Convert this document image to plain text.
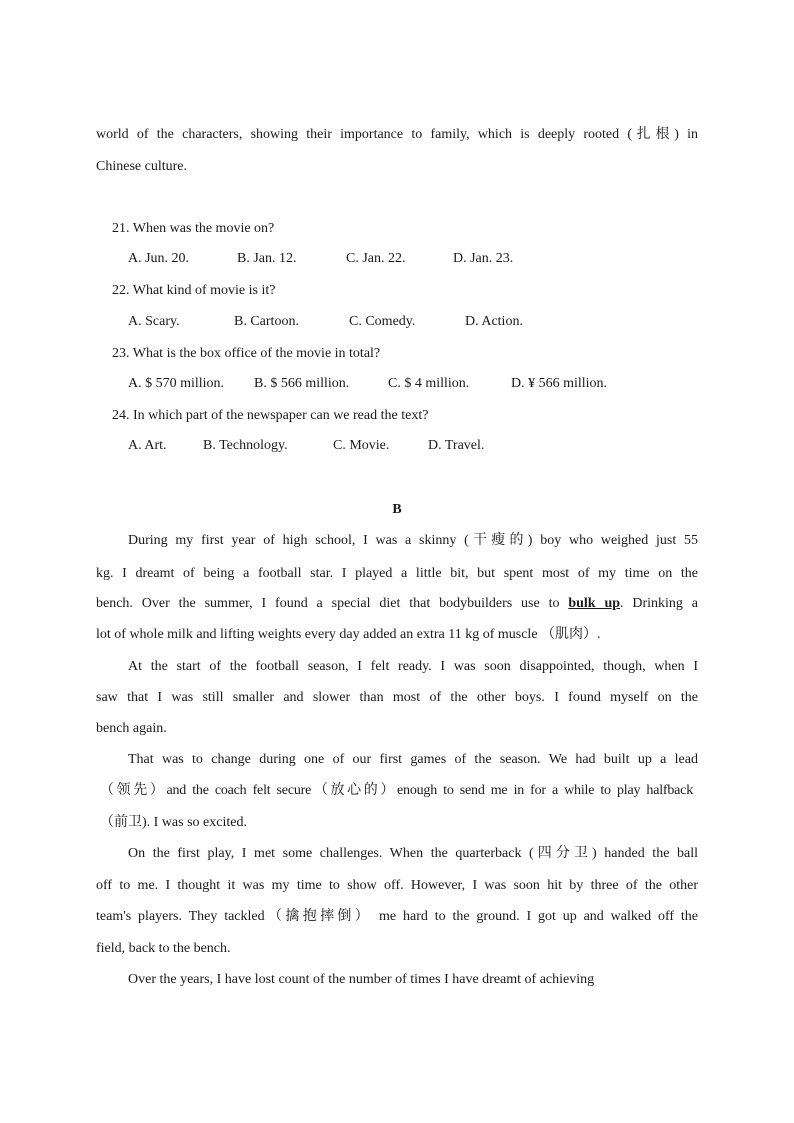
world of the characters, showing their importance to family, which is deeply rooted (扎根) in
Chinese culture.
21. When was the movie on?
A. Jun. 20.	B. Jan. 12.	C. Jan. 22.	D. Jan. 23.
22. What kind of movie is it?
A. Scary.	B. Cartoon.	C. Comedy.	D. Action.
23. What is the box office of the movie in total?
A. $ 570 million. B. $ 566 million.	C. $ 4 million.	D. ¥ 566 million.
24. In which part of the newspaper can we read the text?
A. Art.	B. Technology.	C. Movie.	D. Travel.
B
During my first year of high school, I was a skinny (干瘦的) boy who weighed just 55
kg. I dreamt of being a football star. I played a little bit, but spent most of my time on the
bench. Over the summer, I found a special diet that bodybuilders use to bulk up. Drinking a
lot of whole milk and lifting weights every day added an extra 11 kg of muscle （肌肉）.
At the start of the football season, I felt ready. I was soon disappointed, though, when I
saw that I was still smaller and slower than most of the other boys. I found myself on the
bench again.
That was to change during one of our first games of the season. We had built up a lead
（领先）and the coach felt secure（放心的）enough to send me in for a while to play halfback
（前卫). I was so excited.
On the first play, I met some challenges. When the quarterback (四分卫) handed the ball
off to me. I thought it was my time to show off. However, I was soon hit by three of the other
team's players. They tackled（擒抱摔倒） me hard to the ground. I got up and walked off the
field, back to the bench.
Over the years, I have lost count of the number of times I have dreamt of achieving
